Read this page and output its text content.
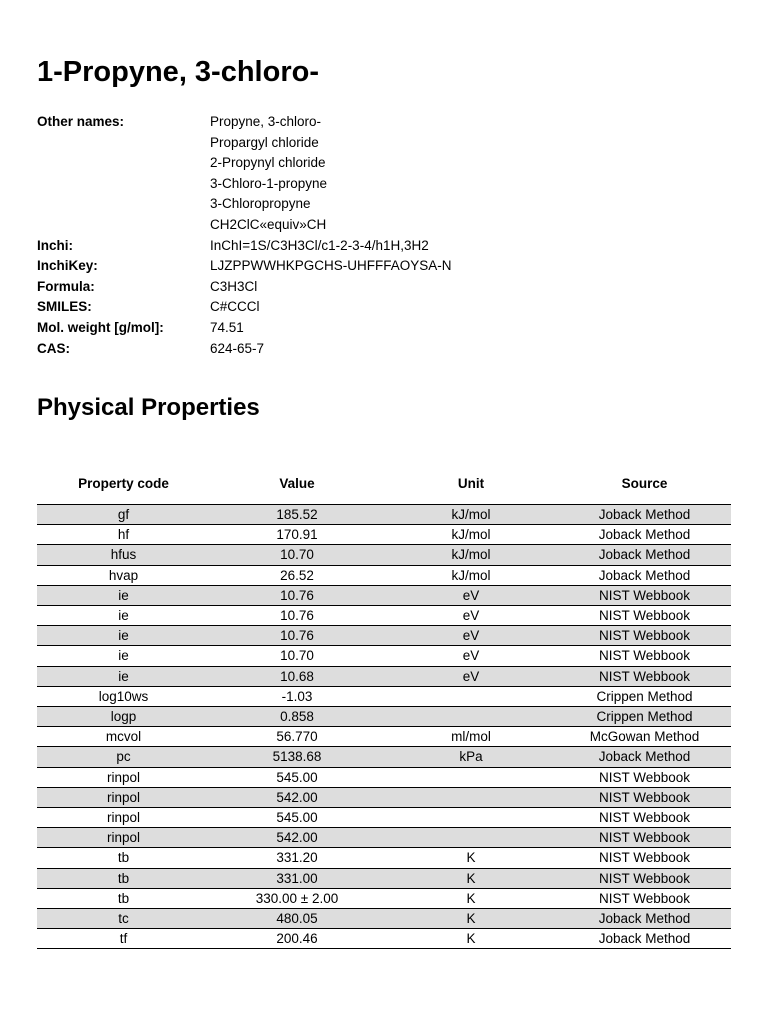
1-Propyne, 3-chloro-
Other names:	Propyne, 3-chloro-
Propargyl chloride
2-Propynyl chloride
3-Chloro-1-propyne
3-Chloropropyne
CH2ClC«equiv»CH
Inchi:	InChI=1S/C3H3Cl/c1-2-3-4/h1H,3H2
InchiKey:	LJZPPWWHKPGCHS-UHFFFAOYSA-N
Formula:	C3H3Cl
SMILES:	C#CCCl
Mol. weight [g/mol]:	74.51
CAS:	624-65-7
Physical Properties
Property code	Value	Unit	Source
gf	185.52	kJ/mol	Joback Method
hf	170.91	kJ/mol	Joback Method
hfus	10.70	kJ/mol	Joback Method
hvap	26.52	kJ/mol	Joback Method
ie	10.76	eV	NIST Webbook
ie	10.76	eV	NIST Webbook
ie	10.76	eV	NIST Webbook
ie	10.70	eV	NIST Webbook
ie	10.68	eV	NIST Webbook
log10ws	-1.03		Crippen Method
logp	0.858		Crippen Method
mcvol	56.770	ml/mol	McGowan Method
pc	5138.68	kPa	Joback Method
rinpol	545.00		NIST Webbook
rinpol	542.00		NIST Webbook
rinpol	545.00		NIST Webbook
rinpol	542.00		NIST Webbook
tb	331.20	K	NIST Webbook
tb	331.00	K	NIST Webbook
tb	330.00 ± 2.00	K	NIST Webbook
tc	480.05	K	Joback Method
tf	200.46	K	Joback Method
